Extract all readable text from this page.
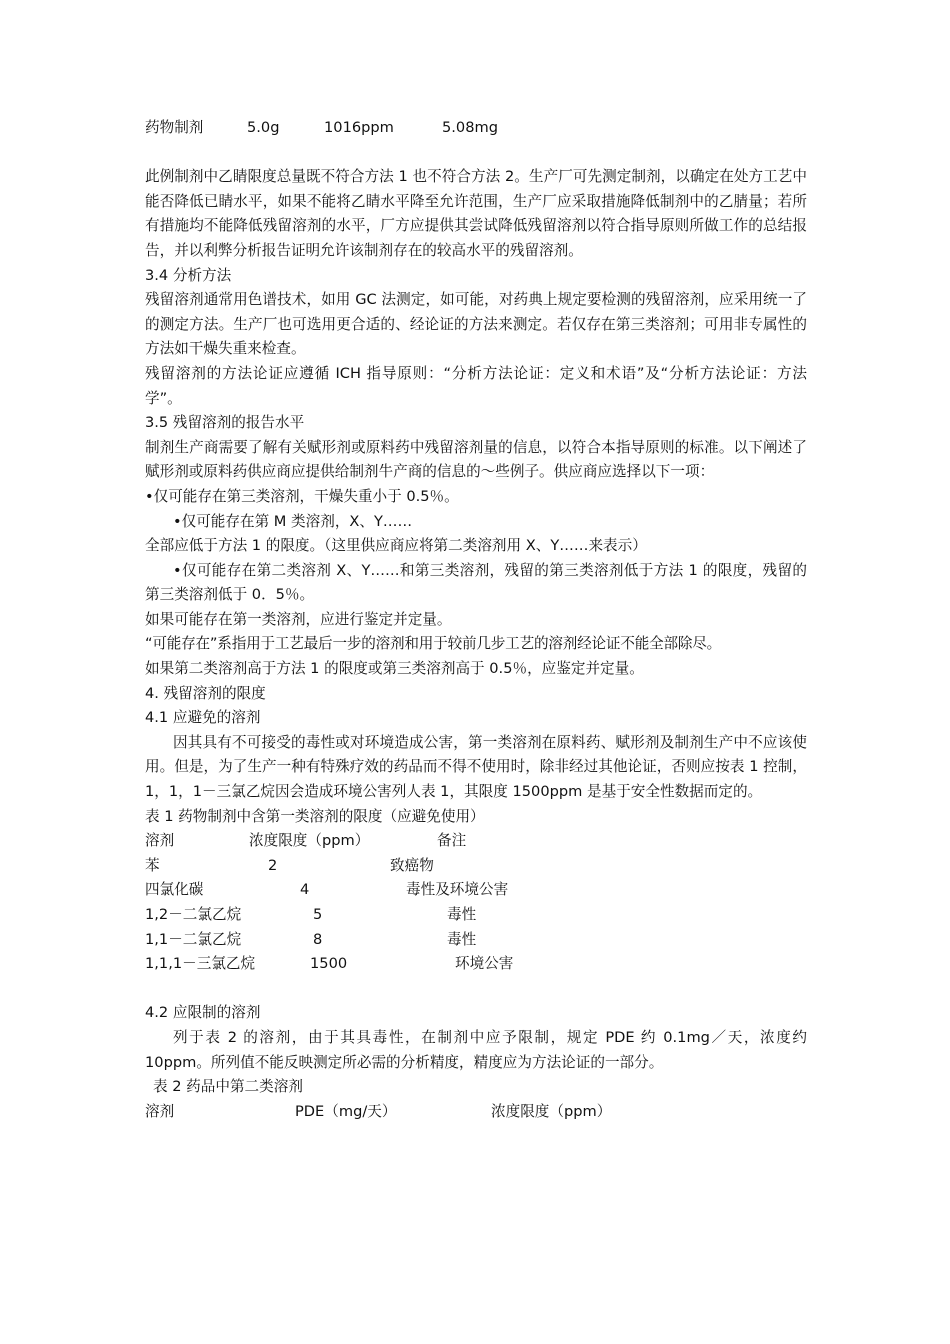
药物制剂	5.0g	1016ppm	5.08mg
此例制剂中乙睛限度总量既不符合方法 1 也不符合方法 2。生产厂可先测定制剂，以确定在处方工艺中能否降低已睛水平，如果不能将乙睛水平降至允许范围，生产厂应采取措施降低制剂中的乙腈量；若所有措施均不能降低残留溶剂的水平，厂方应提供其尝试降低残留溶剂以符合指导原则所做工作的总结报告，并以利弊分析报告证明允许该制剂存在的较高水平的残留溶剂。
3.4 分析方法
残留溶剂通常用色谱技术，如用 GC 法测定，如可能，对药典上规定要检测的残留溶剂，应采用统一了的测定方法。生产厂也可选用更合适的、经论证的方法来测定。若仅存在第三类溶剂；可用非专属性的方法如干燥失重来检查。
残留溶剂的方法论证应遵循 ICH 指导原则：“分析方法论证：定义和术语”及“分析方法论证：方法学”。
3.5 残留溶剂的报告水平
制剂生产商需要了解有关赋形剂或原料药中残留溶剂量的信息，以符合本指导原则的标准。以下阐述了赋形剂或原料药供应商应提供给制剂牛产商的信息的～些例子。供应商应选择以下一项：
•仅可能存在第三类溶剂，干燥失重小于 0.5％。
•仅可能存在第 M 类溶剂，X、Y……
全部应低于方法 1 的限度。（这里供应商应将第二类溶剂用 X、Y……来表示）
•仅可能存在第二类溶剂 X、Y……和第三类溶剂，残留的第三类溶剂低于方法 1 的限度，残留的第三类溶剂低于 0．5％。
如果可能存在第一类溶剂，应进行鉴定并定量。
“可能存在”系指用于工艺最后一步的溶剂和用于较前几步工艺的溶剂经论证不能全部除尽。
如果第二类溶剂高于方法 1 的限度或第三类溶剂高于 0.5％，应鉴定并定量。
4. 残留溶剂的限度
4.1 应避免的溶剂
因其具有不可接受的毒性或对环境造成公害，第一类溶剂在原料药、赋形剂及制剂生产中不应该使用。但是，为了生产一种有特殊疗效的药品而不得不使用时，除非经过其他论证，否则应按表 1 控制，1，1，1－三氯乙烷因会造成环境公害列人表 1，其限度 1500ppm 是基于安全性数据而定的。
表 1 药物制剂中含第一类溶剂的限度（应避免使用）
溶剂	浓度限度（ppm）	备注
苯	2	致癌物
四氯化碳	4	毒性及环境公害
1,2－二氯乙烷	5	毒性
1,1－二氯乙烷	8	毒性
1,1,1－三氯乙烷	1500	环境公害
4.2 应限制的溶剂
列于表 2 的溶剂，由于其具毒性，在制剂中应予限制，规定 PDE 约 0.1mg／天，浓度约 10ppm。所列值不能反映测定所必需的分析精度，精度应为方法论证的一部分。
表 2 药品中第二类溶剂
溶剂	PDE（mg/天）	浓度限度（ppm）
